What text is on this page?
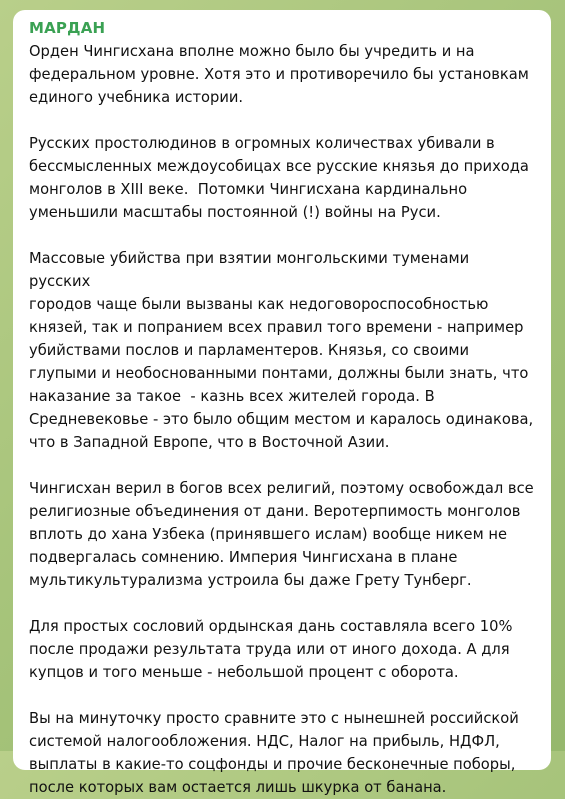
МАРДАН

Орден Чингисхана вполне можно было бы учредить и на
федеральном уровне. Хотя это и противоречило бы установкам
единого учебника истории.

Русских простолюдинов в огромных количествах убивали в
бессмысленных междоусобицах все русские князья до прихода
монголов в XIII веке.  Потомки Чингисхана кардинально
уменьшили масштабы постоянной (!) войны на Руси.

Массовые убийства при взятии монгольскими туменами русских
городов чаще были вызваны как недоговороспособностью
князей, так и попранием всех правил того времени - например
убийствами послов и парламентеров. Князья, со своими
глупыми и необоснованными понтами, должны были знать, что
наказание за такое  - казнь всех жителей города. В
Средневековье - это было общим местом и каралось одинакова,
что в Западной Европе, что в Восточной Азии.

Чингисхан верил в богов всех религий, поэтому освобождал все
религиозные объединения от дани. Веротерпимость монголов
вплоть до хана Узбека (принявшего ислам) вообще никем не
подвергалась сомнению. Империя Чингисхана в плане
мультикультурализма устроила бы даже Грету Тунберг.

Для простых сословий ордынская дань составляла всего 10%
после продажи результата труда или от иного дохода. А для
купцов и того меньше - небольшой процент с оборота.

Вы на минуточку просто сравните это с нынешней российской
системой налогообложения. НДС, Налог на прибыль, НДФЛ,
выплаты в какие-то соцфонды и прочие бесконечные поборы,
после которых вам остается лишь шкурка от банана.
